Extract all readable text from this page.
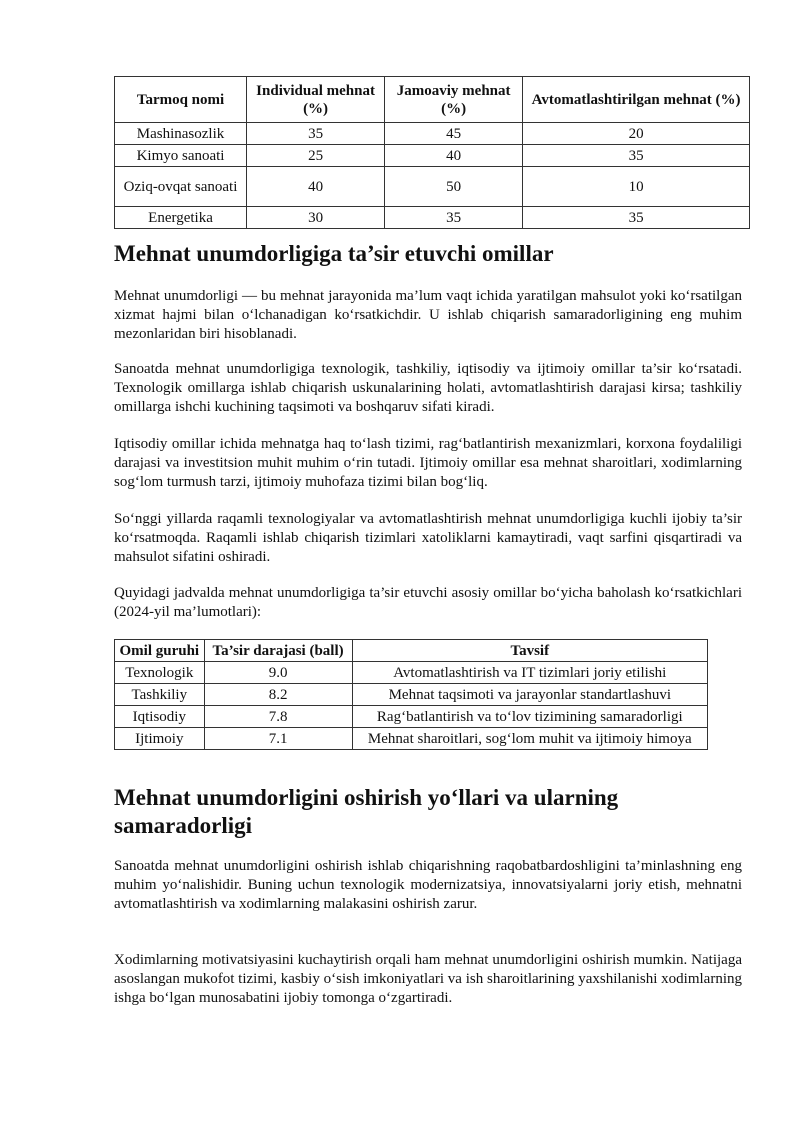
Tarmoq nomi	Individual mehnat (%)	Jamoaviy mehnat (%)	Avtomatlashtirilgan mehnat (%)
Mashinasozlik	35	45	20
Kimyo sanoati	25	40	35
Oziq-ovqat sanoati	40	50	10
Energetika	30	35	35
Mehnat unumdorligiga ta’sir etuvchi omillar

Mehnat unumdorligi — bu mehnat jarayonida ma’lum vaqt ichida yaratilgan mahsulot yoki ko‘rsatilgan xizmat hajmi bilan o‘lchanadigan ko‘rsatkichdir. U ishlab chiqarish samaradorligining eng muhim mezonlaridan biri hisoblanadi.

Sanoatda mehnat unumdorligiga texnologik, tashkiliy, iqtisodiy va ijtimoiy omillar ta’sir ko‘rsatadi. Texnologik omillarga ishlab chiqarish uskunalarining holati, avtomatlashtirish darajasi kirsa; tashkiliy omillarga ishchi kuchining taqsimoti va boshqaruv sifati kiradi.

Iqtisodiy omillar ichida mehnatga haq to‘lash tizimi, rag‘batlantirish mexanizmlari, korxona foydaliligi darajasi va investitsion muhit muhim o‘rin tutadi. Ijtimoiy omillar esa mehnat sharoitlari, xodimlarning sog‘lom turmush tarzi, ijtimoiy muhofaza tizimi bilan bog‘liq.

So‘nggi yillarda raqamli texnologiyalar va avtomatlashtirish mehnat unumdorligiga kuchli ijobiy ta’sir ko‘rsatmoqda. Raqamli ishlab chiqarish tizimlari xatoliklarni kamaytiradi, vaqt sarfini qisqartiradi va mahsulot sifatini oshiradi.

Quyidagi jadvalda mehnat unumdorligiga ta’sir etuvchi asosiy omillar bo‘yicha baholash ko‘rsatkichlari (2024-yil ma’lumotlari):

Omil guruhi	Ta’sir darajasi (ball)	Tavsif
Texnologik	9.0	Avtomatlashtirish va IT tizimlari joriy etilishi
Tashkiliy	8.2	Mehnat taqsimoti va jarayonlar standartlashuvi
Iqtisodiy	7.8	Rag‘batlantirish va to‘lov tizimining samaradorligi
Ijtimoiy	7.1	Mehnat sharoitlari, sog‘lom muhit va ijtimoiy himoya
Mehnat unumdorligini oshirish yo‘llari va ularning samaradorligi

Sanoatda mehnat unumdorligini oshirish ishlab chiqarishning raqobatbardoshligini ta’minlashning eng muhim yo‘nalishidir. Buning uchun texnologik modernizatsiya, innovatsiyalarni joriy etish, mehnatni avtomatlashtirish va xodimlarning malakasini oshirish zarur.

Xodimlarning motivatsiyasini kuchaytirish orqali ham mehnat unumdorligini oshirish mumkin. Natijaga asoslangan mukofot tizimi, kasbiy o‘sish imkoniyatlari va ish sharoitlarining yaxshilanishi xodimlarning ishga bo‘lgan munosabatini ijobiy tomonga o‘zgartiradi.
